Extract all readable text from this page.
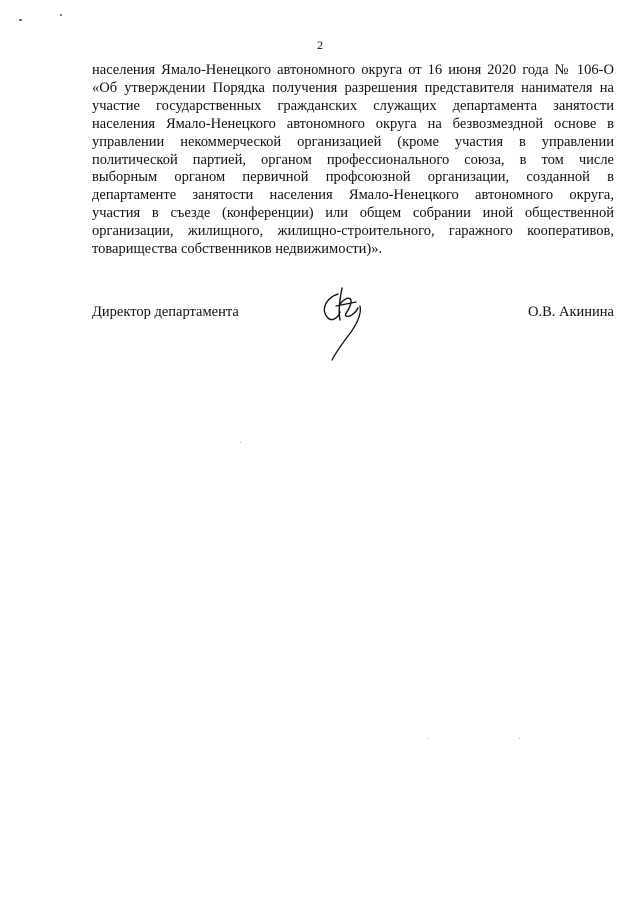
2
населения Ямало-Ненецкого автономного округа от 16 июня 2020 года № 106-О
«Об утверждении Порядка получения разрешения представителя нанимателя на
участие государственных гражданских служащих департамента занятости
населения Ямало-Ненецкого автономного округа на безвозмездной основе в
управлении некоммерческой организацией (кроме участия в управлении
политической партией, органом профессионального союза, в том числе
выборным органом первичной профсоюзной организации, созданной в
департаменте занятости населения Ямало-Ненецкого автономного округа,
участия в съезде (конференции) или общем собрании иной общественной
организации, жилищного, жилищно-строительного, гаражного кооперативов,
товарищества собственников недвижимости)».
Директор департамента	О.В. Акинина
